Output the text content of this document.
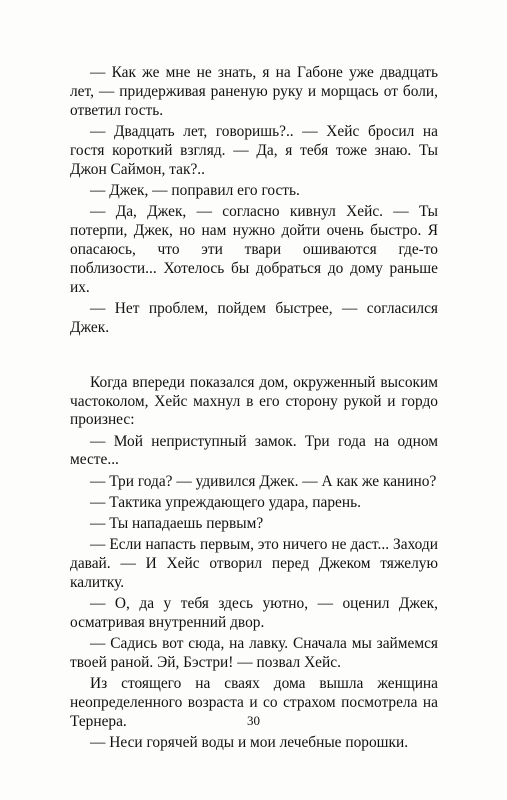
— Как же мне не знать, я на Габоне уже двадцать лет, — придерживая раненую руку и морщась от боли, ответил гость.

— Двадцать лет, говоришь?.. — Хейс бросил на гостя короткий взгляд. — Да, я тебя тоже знаю. Ты Джон Саймон, так?..

— Джек, — поправил его гость.

— Да, Джек, — согласно кивнул Хейс. — Ты потерпи, Джек, но нам нужно дойти очень быстро. Я опасаюсь, что эти твари ошиваются где-то поблизости... Хотелось бы добраться до дому раньше их.

— Нет проблем, пойдем быстрее, — согласился Джек.

Когда впереди показался дом, окруженный высоким частоколом, Хейс махнул в его сторону рукой и гордо произнес:

— Мой неприступный замок. Три года на одном месте...

— Три года? — удивился Джек. — А как же канино?

— Тактика упреждающего удара, парень.

— Ты нападаешь первым?

— Если напасть первым, это ничего не даст... Заходи давай. — И Хейс отворил перед Джеком тяжелую калитку.

— О, да у тебя здесь уютно, — оценил Джек, осматривая внутренний двор.

— Садись вот сюда, на лавку. Сначала мы займемся твоей раной. Эй, Бэстри! — позвал Хейс.

Из стоящего на сваях дома вышла женщина неопределенного возраста и со страхом посмотрела на Тернера.

— Неси горячей воды и мои лечебные порошки.

30
